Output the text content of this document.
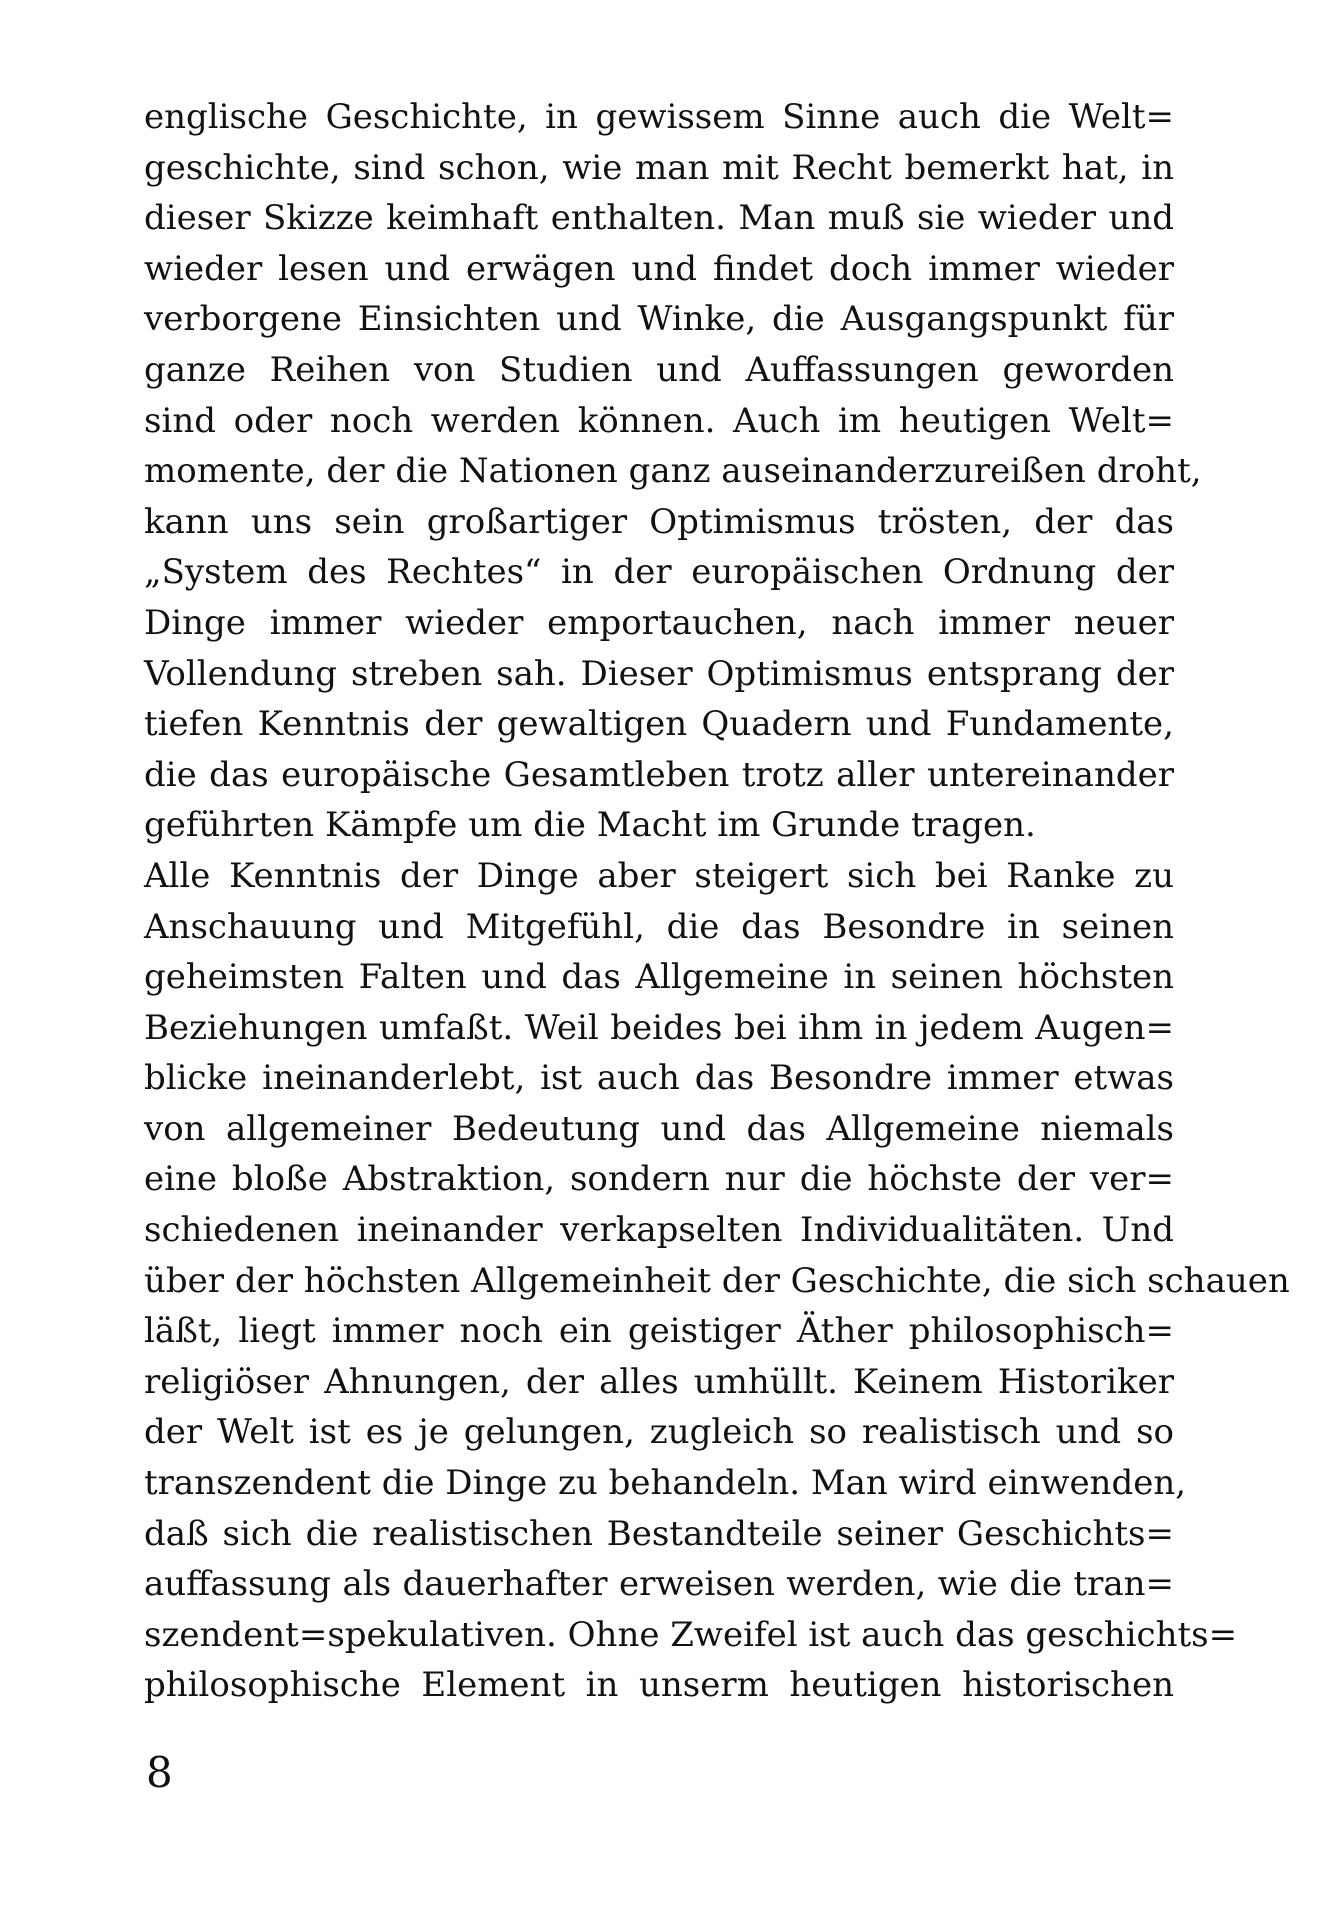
englische Geschichte, in gewissem Sinne auch die Welt=
geschichte, sind schon, wie man mit Recht bemerkt hat, in
dieser Skizze keimhaft enthalten. Man muß sie wieder und
wieder lesen und erwägen und findet doch immer wieder
verborgene Einsichten und Winke, die Ausgangspunkt für
ganze Reihen von Studien und Auffassungen geworden
sind oder noch werden können. Auch im heutigen Welt=
momente, der die Nationen ganz auseinanderzureißen droht,
kann uns sein großartiger Optimismus trösten, der das
„System des Rechtes“ in der europäischen Ordnung der
Dinge immer wieder emportauchen, nach immer neuer
Vollendung streben sah. Dieser Optimismus entsprang der
tiefen Kenntnis der gewaltigen Quadern und Fundamente,
die das europäische Gesamtleben trotz aller untereinander
geführten Kämpfe um die Macht im Grunde tragen.
Alle Kenntnis der Dinge aber steigert sich bei Ranke zu
Anschauung und Mitgefühl, die das Besondre in seinen
geheimsten Falten und das Allgemeine in seinen höchsten
Beziehungen umfaßt. Weil beides bei ihm in jedem Augen=
blicke ineinanderlebt, ist auch das Besondre immer etwas
von allgemeiner Bedeutung und das Allgemeine niemals
eine bloße Abstraktion, sondern nur die höchste der ver=
schiedenen ineinander verkapselten Individualitäten. Und
über der höchsten Allgemeinheit der Geschichte, die sich schauen
läßt, liegt immer noch ein geistiger Äther philosophisch=
religiöser Ahnungen, der alles umhüllt. Keinem Historiker
der Welt ist es je gelungen, zugleich so realistisch und so
transzendent die Dinge zu behandeln. Man wird einwenden,
daß sich die realistischen Bestandteile seiner Geschichts=
auffassung als dauerhafter erweisen werden, wie die tran=
szendent=spekulativen. Ohne Zweifel ist auch das geschichts=
philosophische Element in unserm heutigen historischen
8
